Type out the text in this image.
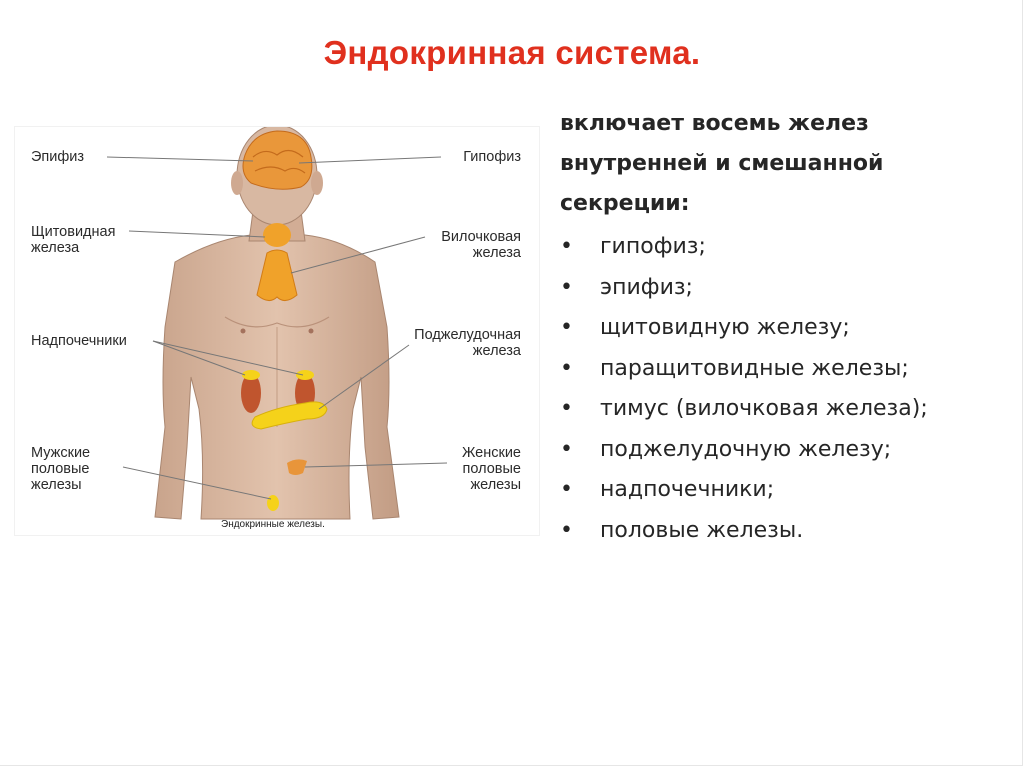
Эндокринная система.
Эпифиз	Гипофиз
Щитовидная
железа
Вилочковая
железа
Надпочечники	Поджелудочная
железа
Мужские
половые
железы
Женские
половые
железы
Эндокринные железы.
включает восемь желез
внутренней и смешанной
секреции:
• гипофиз;
• эпифиз;
• щитовидную железу;
• паращитовидные железы;
• тимус (вилочковая железа);
• поджелудочную железу;
• надпочечники;
• половые железы.
